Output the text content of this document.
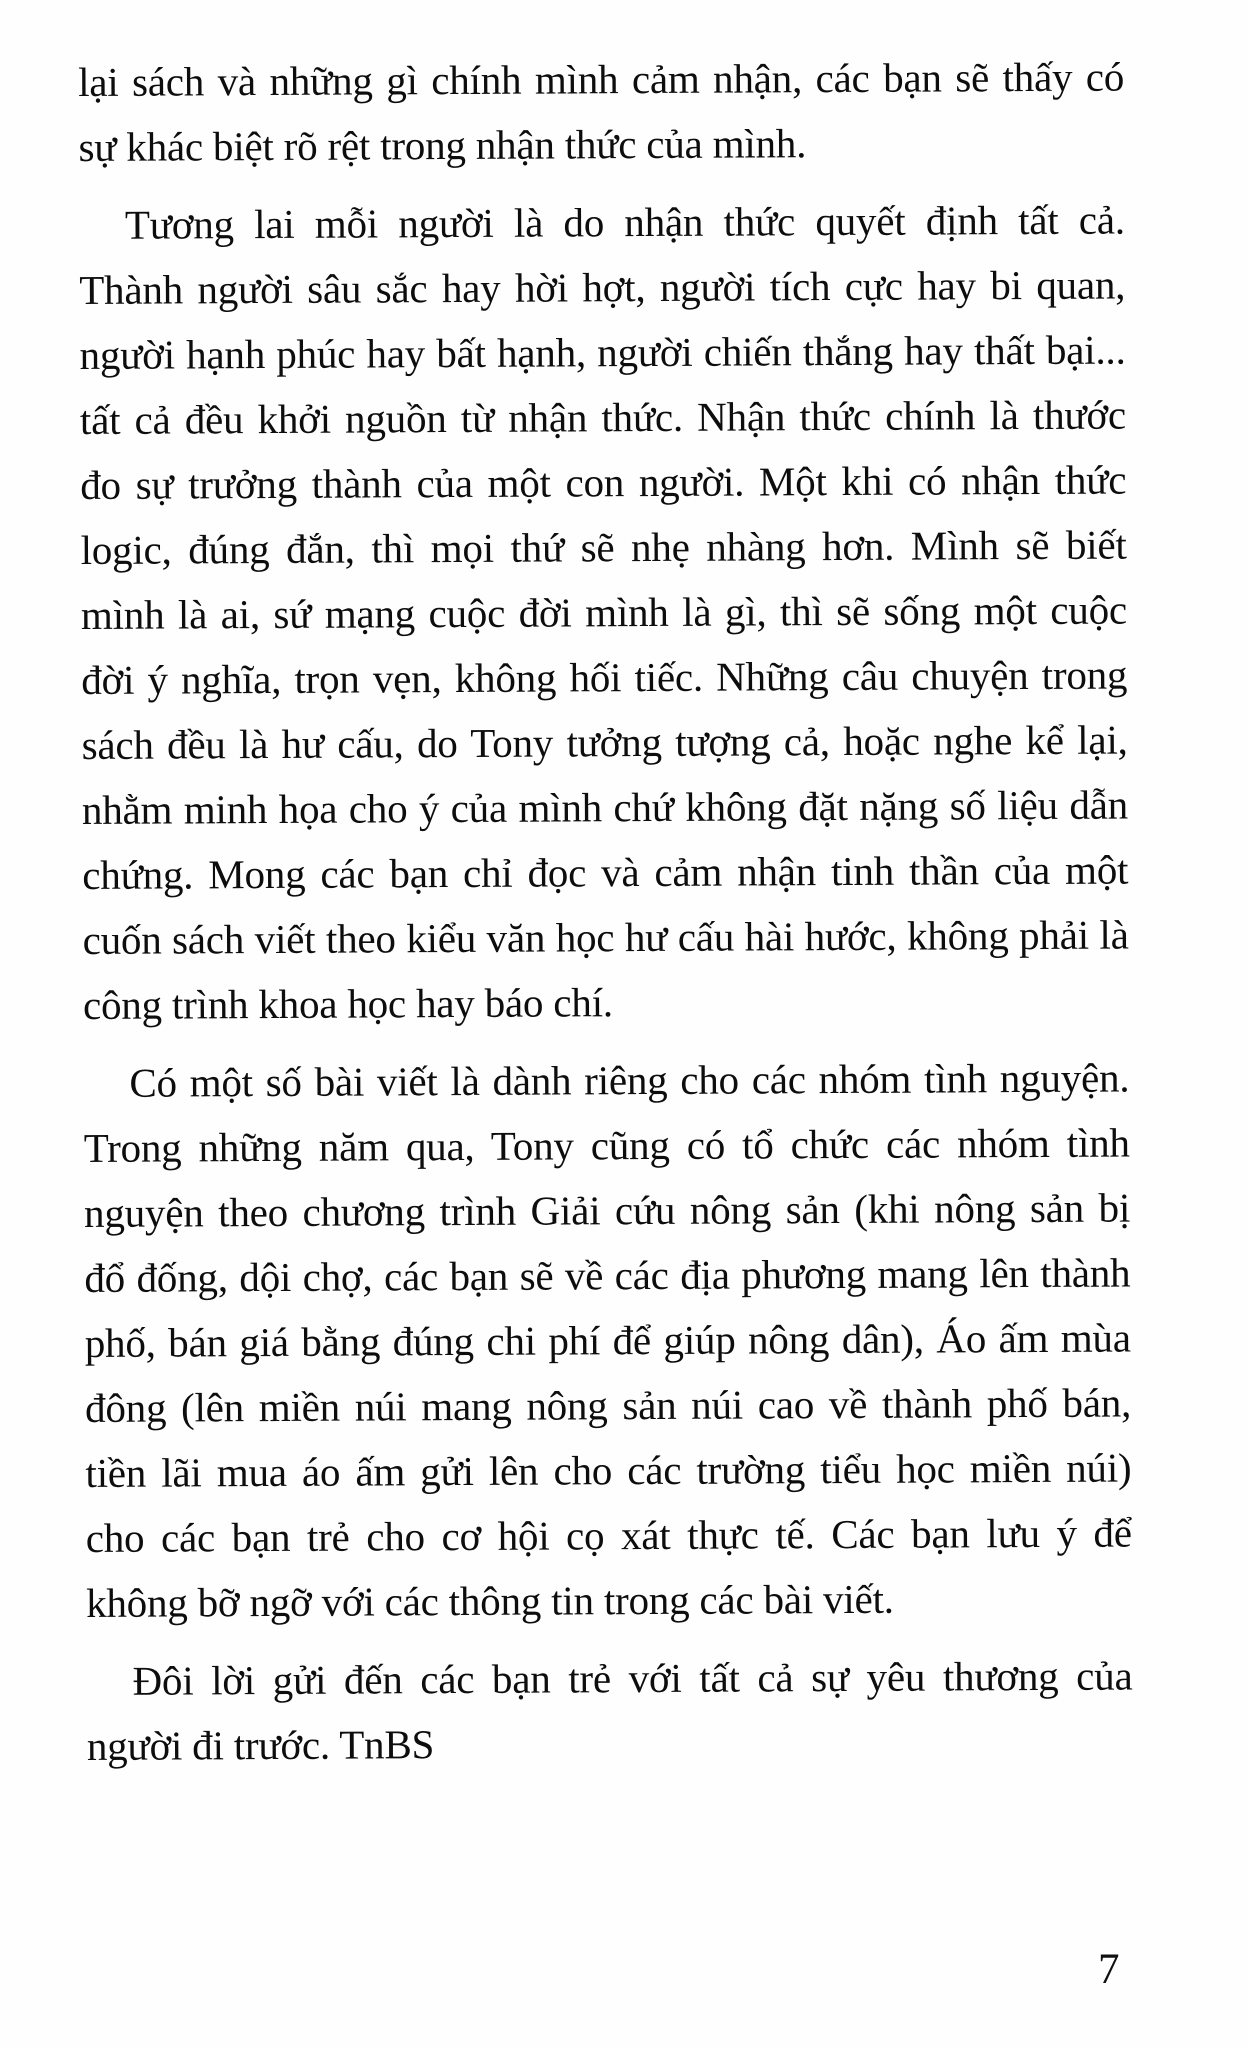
lại sách và những gì chính mình cảm nhận, các bạn sẽ thấy có sự khác biệt rõ rệt trong nhận thức của mình.

Tương lai mỗi người là do nhận thức quyết định tất cả. Thành người sâu sắc hay hời hợt, người tích cực hay bi quan, người hạnh phúc hay bất hạnh, người chiến thắng hay thất bại... tất cả đều khởi nguồn từ nhận thức. Nhận thức chính là thước đo sự trưởng thành của một con người. Một khi có nhận thức logic, đúng đắn, thì mọi thứ sẽ nhẹ nhàng hơn. Mình sẽ biết mình là ai, sứ mạng cuộc đời mình là gì, thì sẽ sống một cuộc đời ý nghĩa, trọn vẹn, không hối tiếc. Những câu chuyện trong sách đều là hư cấu, do Tony tưởng tượng cả, hoặc nghe kể lại, nhằm minh họa cho ý của mình chứ không đặt nặng số liệu dẫn chứng. Mong các bạn chỉ đọc và cảm nhận tinh thần của một cuốn sách viết theo kiểu văn học hư cấu hài hước, không phải là công trình khoa học hay báo chí.

Có một số bài viết là dành riêng cho các nhóm tình nguyện. Trong những năm qua, Tony cũng có tổ chức các nhóm tình nguyện theo chương trình Giải cứu nông sản (khi nông sản bị đổ đống, dội chợ, các bạn sẽ về các địa phương mang lên thành phố, bán giá bằng đúng chi phí để giúp nông dân), Áo ấm mùa đông (lên miền núi mang nông sản núi cao về thành phố bán, tiền lãi mua áo ấm gửi lên cho các trường tiểu học miền núi) cho các bạn trẻ cho cơ hội cọ xát thực tế. Các bạn lưu ý để không bỡ ngỡ với các thông tin trong các bài viết.

Đôi lời gửi đến các bạn trẻ với tất cả sự yêu thương của người đi trước. TnBS

7
